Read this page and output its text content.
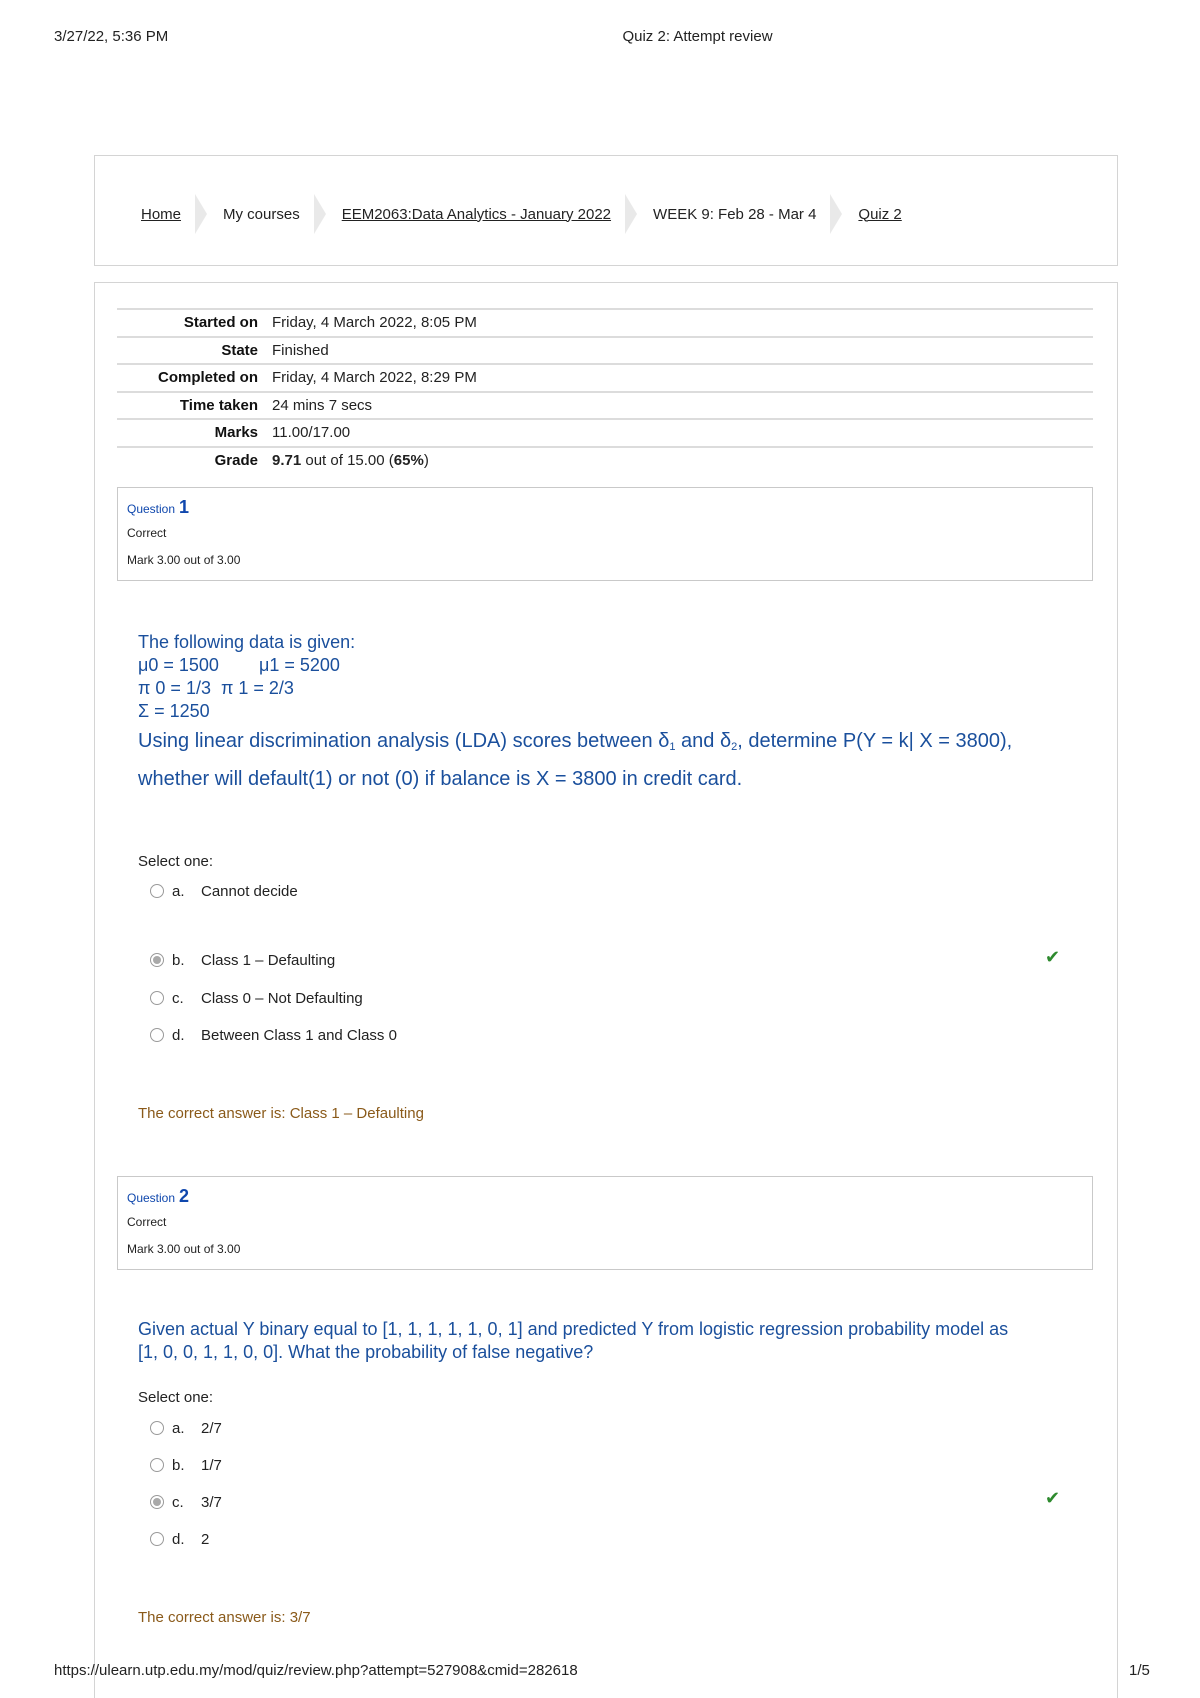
3/27/22, 5:36 PM	Quiz 2: Attempt review
Home	My courses	EEM2063:Data Analytics - January 2022	WEEK 9: Feb 28 - Mar 4	Quiz 2
Started on	Friday, 4 March 2022, 8:05 PM
State	Finished
Completed on	Friday, 4 March 2022, 8:29 PM
Time taken	24 mins 7 secs
Marks	11.00/17.00
Grade	9.71 out of 15.00 (65%)
Question 1
Correct
Mark 3.00 out of 3.00
The following data is given:
μ0 = 1500        μ1 = 5200
π 0 = 1/3  π 1 = 2/3
Σ = 1250
Using linear discrimination analysis (LDA) scores between $\delta_1$ and $\delta_2$, determine P(Y = k| X = 3800),
whether will default(1) or not (0) if balance is X = 3800 in credit card.
Select one:
a.	Cannot decide
b.	Class 1 – Defaulting	✔
c.	Class 0 – Not Defaulting
d.	Between Class 1 and Class 0
The correct answer is: Class 1 – Defaulting
Question 2
Correct
Mark 3.00 out of 3.00
Given actual Y binary equal to [1, 1, 1, 1, 1, 0, 1] and predicted Y from logistic regression probability model as
[1, 0, 0, 1, 1, 0, 0]. What the probability of false negative?
Select one:
a.	2/7
b.	1/7
c.	3/7	✔
d.	2
The correct answer is: 3/7
https://ulearn.utp.edu.my/mod/quiz/review.php?attempt=527908&cmid=282618	1/5
